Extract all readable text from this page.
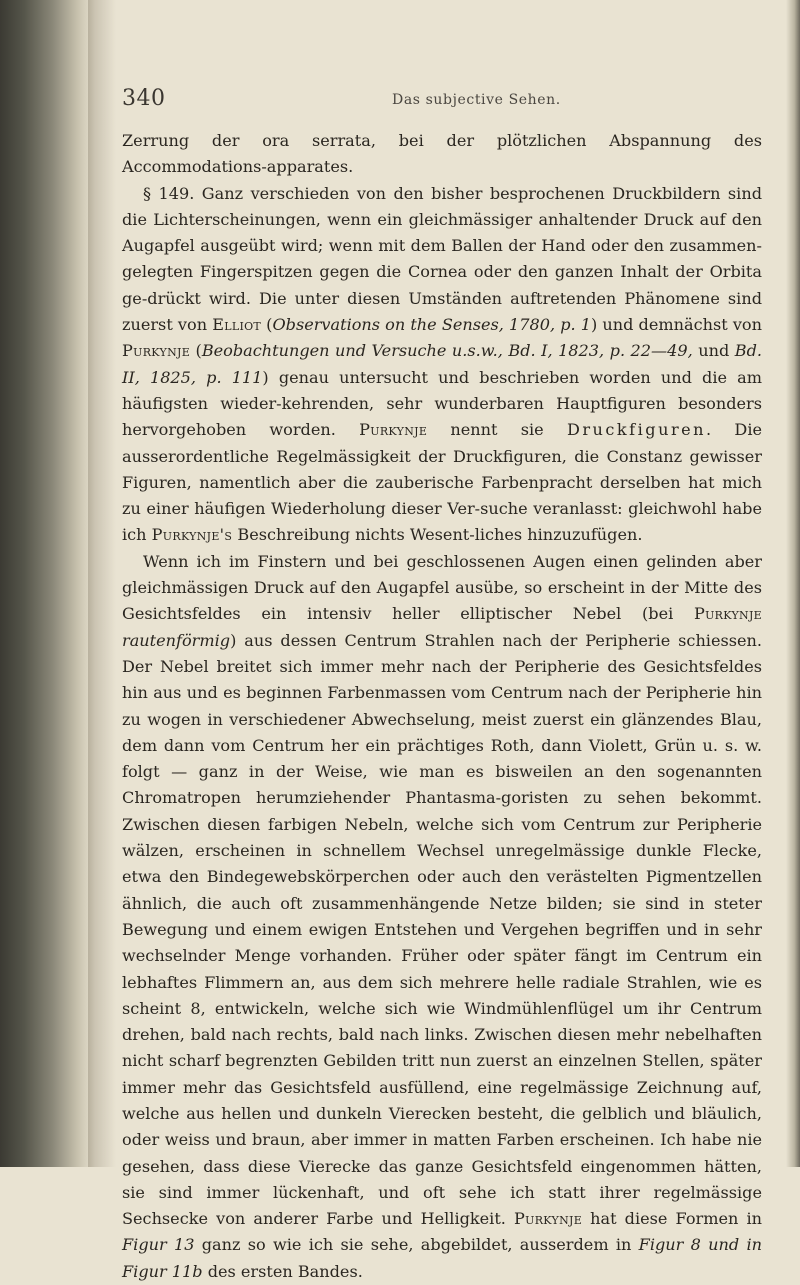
340	Das subjective Sehen.

Zerrung der ora serrata, bei der plötzlichen Abspannung des Accommodations-apparates.

§ 149. Ganz verschieden von den bisher besprochenen Druckbildern sind die Lichterscheinungen, wenn ein gleichmässiger anhaltender Druck auf den Augapfel ausgeübt wird; wenn mit dem Ballen der Hand oder den zusammen-gelegten Fingerspitzen gegen die Cornea oder den ganzen Inhalt der Orbita ge-drückt wird. Die unter diesen Umständen auftretenden Phänomene sind zuerst von Elliot (Observations on the Senses, 1780, p. 1) und demnächst von Purkynje (Beobachtungen und Versuche u.s.w., Bd. I, 1823, p. 22—49, und Bd. II, 1825, p. 111) genau untersucht und beschrieben worden und die am häufigsten wieder-kehrenden, sehr wunderbaren Hauptfiguren besonders hervorgehoben worden. Purkynje nennt sie Druckfiguren. Die ausserordentliche Regelmässigkeit der Druckfiguren, die Constanz gewisser Figuren, namentlich aber die zauberische Farbenpracht derselben hat mich zu einer häufigen Wiederholung dieser Ver-suche veranlasst: gleichwohl habe ich Purkynje's Beschreibung nichts Wesent-liches hinzuzufügen.

Wenn ich im Finstern und bei geschlossenen Augen einen gelinden aber gleichmässigen Druck auf den Augapfel ausübe, so erscheint in der Mitte des Gesichtsfeldes ein intensiv heller elliptischer Nebel (bei Purkynje rautenförmig) aus dessen Centrum Strahlen nach der Peripherie schiessen. Der Nebel breitet sich immer mehr nach der Peripherie des Gesichtsfeldes hin aus und es beginnen Farbenmassen vom Centrum nach der Peripherie hin zu wogen in verschiedener Abwechselung, meist zuerst ein glänzendes Blau, dem dann vom Centrum her ein prächtiges Roth, dann Violett, Grün u. s. w. folgt — ganz in der Weise, wie man es bisweilen an den sogenannten Chromatropen herumziehender Phantasma-goristen zu sehen bekommt. Zwischen diesen farbigen Nebeln, welche sich vom Centrum zur Peripherie wälzen, erscheinen in schnellem Wechsel unregelmässige dunkle Flecke, etwa den Bindegewebskörperchen oder auch den verästelten Pigmentzellen ähnlich, die auch oft zusammenhängende Netze bilden; sie sind in steter Bewegung und einem ewigen Entstehen und Vergehen begriffen und in sehr wechselnder Menge vorhanden. Früher oder später fängt im Centrum ein lebhaftes Flimmern an, aus dem sich mehrere helle radiale Strahlen, wie es scheint 8, entwickeln, welche sich wie Windmühlenflügel um ihr Centrum drehen, bald nach rechts, bald nach links. Zwischen diesen mehr nebelhaften nicht scharf begrenzten Gebilden tritt nun zuerst an einzelnen Stellen, später immer mehr das Gesichtsfeld ausfüllend, eine regelmässige Zeichnung auf, welche aus hellen und dunkeln Vierecken besteht, die gelblich und bläulich, oder weiss und braun, aber immer in matten Farben erscheinen. Ich habe nie gesehen, dass diese Vierecke das ganze Gesichtsfeld eingenommen hätten, sie sind immer lückenhaft, und oft sehe ich statt ihrer regelmässige Sechsecke von anderer Farbe und Helligkeit. Purkynje hat diese Formen in Figur 13 ganz so wie ich sie sehe, abgebildet, ausserdem in Figur 8 und in Figur 11b des ersten Bandes.
